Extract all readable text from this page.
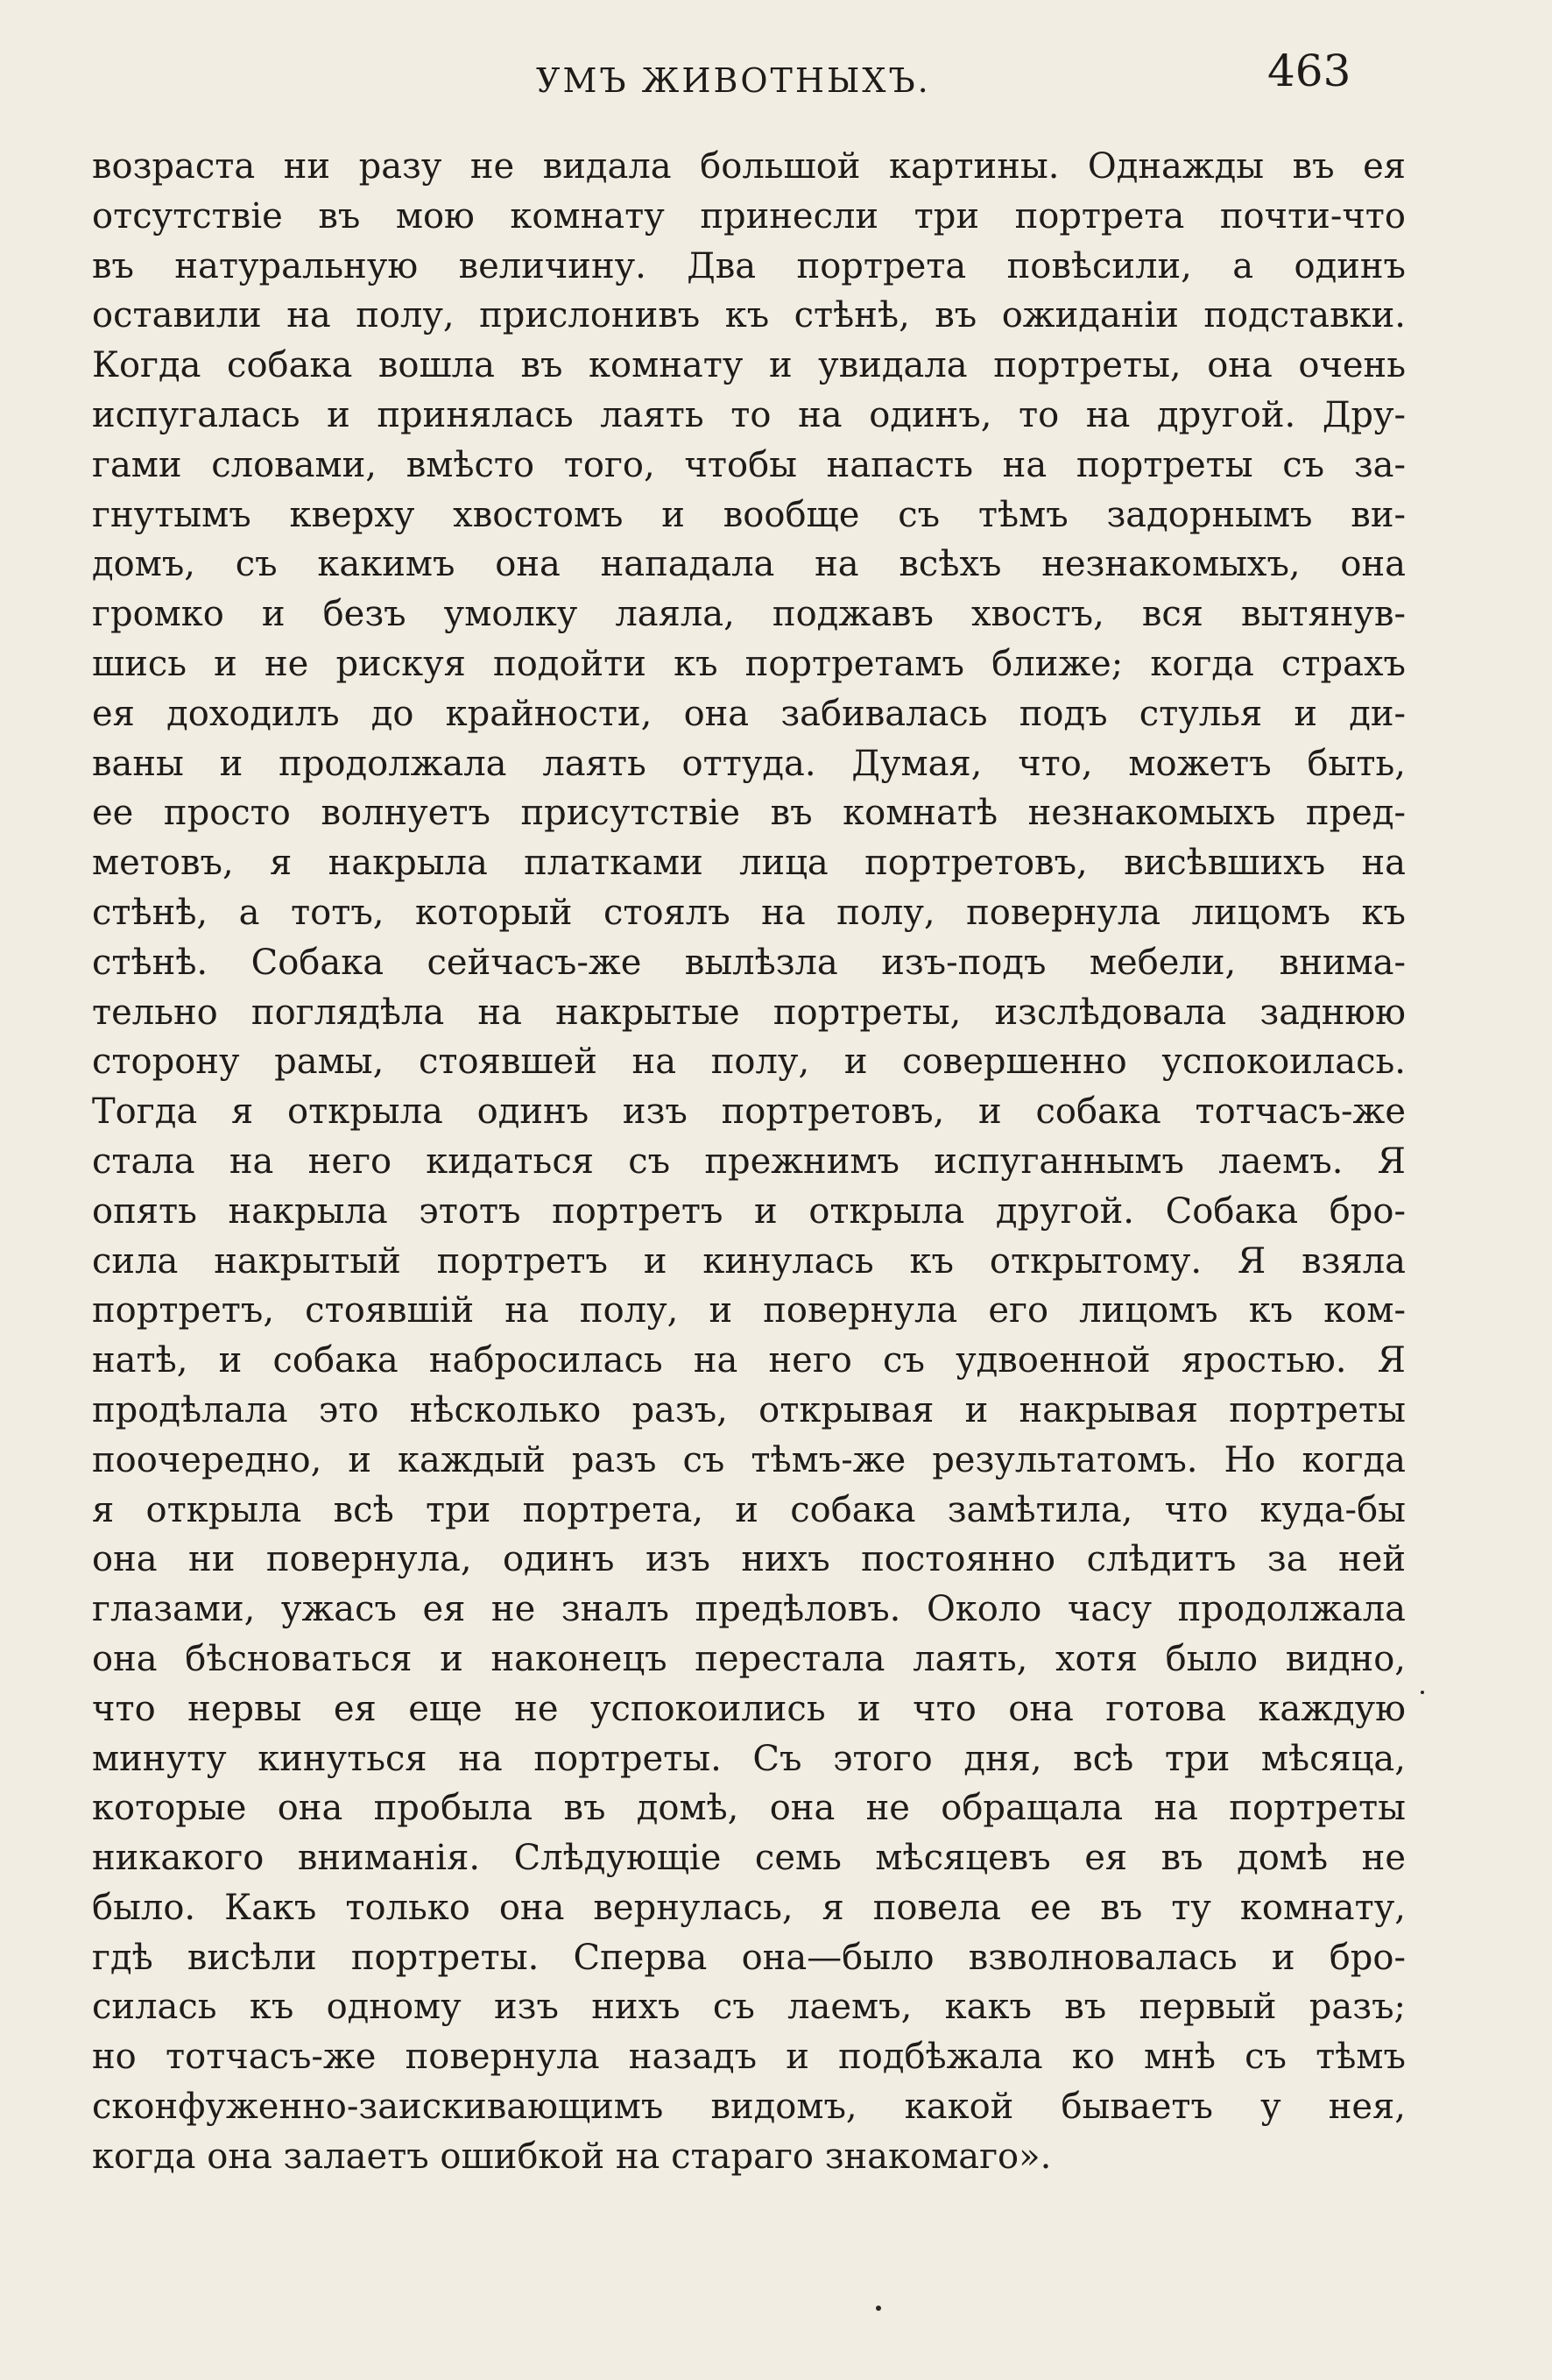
УМЪ ЖИВОТНЫХЪ.	463
возраста ни разу не видала большой картины. Однажды въ ея
отсутствіе въ мою комнату принесли три портрета почти-что
въ натуральную величину. Два портрета повѣсили, а одинъ
оставили на полу, прислонивъ къ стѣнѣ, въ ожиданіи подставки.
Когда собака вошла въ комнату и увидала портреты, она очень
испугалась и принялась лаять то на одинъ, то на другой. Дру-
гами словами, вмѣсто того, чтобы напасть на портреты съ за-
гнутымъ кверху хвостомъ и вообще съ тѣмъ задорнымъ ви-
домъ, съ какимъ она нападала на всѣхъ незнакомыхъ, она
громко и безъ умолку лаяла, поджавъ хвостъ, вся вытянув-
шись и не рискуя подойти къ портретамъ ближе; когда страхъ
ея доходилъ до крайности, она забивалась подъ стулья и ди-
ваны и продолжала лаять оттуда. Думая, что, можетъ быть,
ее просто волнуетъ присутствіе въ комнатѣ незнакомыхъ пред-
метовъ, я накрыла платками лица портретовъ, висѣвшихъ на
стѣнѣ, а тотъ, который стоялъ на полу, повернула лицомъ къ
стѣнѣ. Собака сейчасъ-же вылѣзла изъ-подъ мебели, внима-
тельно поглядѣла на накрытые портреты, изслѣдовала заднюю
сторону рамы, стоявшей на полу, и совершенно успокоилась.
Тогда я открыла одинъ изъ портретовъ, и собака тотчасъ-же
стала на него кидаться съ прежнимъ испуганнымъ лаемъ. Я
опять накрыла этотъ портретъ и открыла другой. Собака бро-
сила накрытый портретъ и кинулась къ открытому. Я взяла
портретъ, стоявшій на полу, и повернула его лицомъ къ ком-
натѣ, и собака набросилась на него съ удвоенной яростью. Я
продѣлала это нѣсколько разъ, открывая и накрывая портреты
поочередно, и каждый разъ съ тѣмъ-же результатомъ. Но когда
я открыла всѣ три портрета, и собака замѣтила, что куда-бы
она ни повернула, одинъ изъ нихъ постоянно слѣдитъ за ней
глазами, ужасъ ея не зналъ предѣловъ. Около часу продолжала
она бѣсноваться и наконецъ перестала лаять, хотя было видно,
что нервы ея еще не успокоились и что она готова каждую
минуту кинуться на портреты. Съ этого дня, всѣ три мѣсяца,
которые она пробыла въ домѣ, она не обращала на портреты
никакого вниманія. Слѣдующіе семь мѣсяцевъ ея въ домѣ не
было. Какъ только она вернулась, я повела ее въ ту комнату,
гдѣ висѣли портреты. Сперва она—было взволновалась и бро-
силась къ одному изъ нихъ съ лаемъ, какъ въ первый разъ;
но тотчасъ-же повернула назадъ и подбѣжала ко мнѣ съ тѣмъ
сконфуженно-заискивающимъ видомъ, какой бываетъ у нея,
когда она залаетъ ошибкой на стараго знакомаго».
